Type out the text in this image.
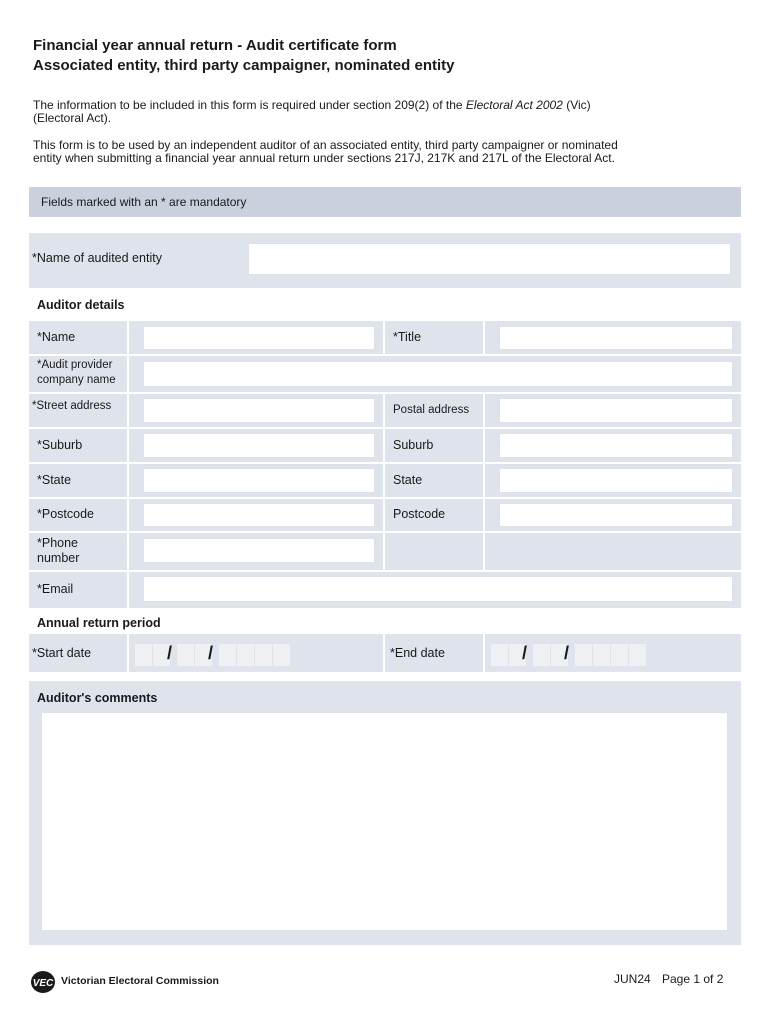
Financial year annual return - Audit certificate form
Associated entity, third party campaigner, nominated entity
The information to be included in this form is required under section 209(2) of the Electoral Act 2002 (Vic)
(Electoral Act).
This form is to be used by an independent auditor of an associated entity, third party campaigner or nominated
entity when submitting a financial year annual return under sections 217J, 217K and 217L of the Electoral Act.
Fields marked with an * are mandatory
*Name of audited entity
Auditor details
*Name	*Title
*Audit provider
company name
*Street address	Postal address
*Suburb	Suburb
*State	State
*Postcode	Postcode
*Phone
number
*Email
Annual return period
*Start date	/ /	*End date	/ /
Auditor's comments
VEC Victorian Electoral Commission	JUN24 Page 1 of 2
